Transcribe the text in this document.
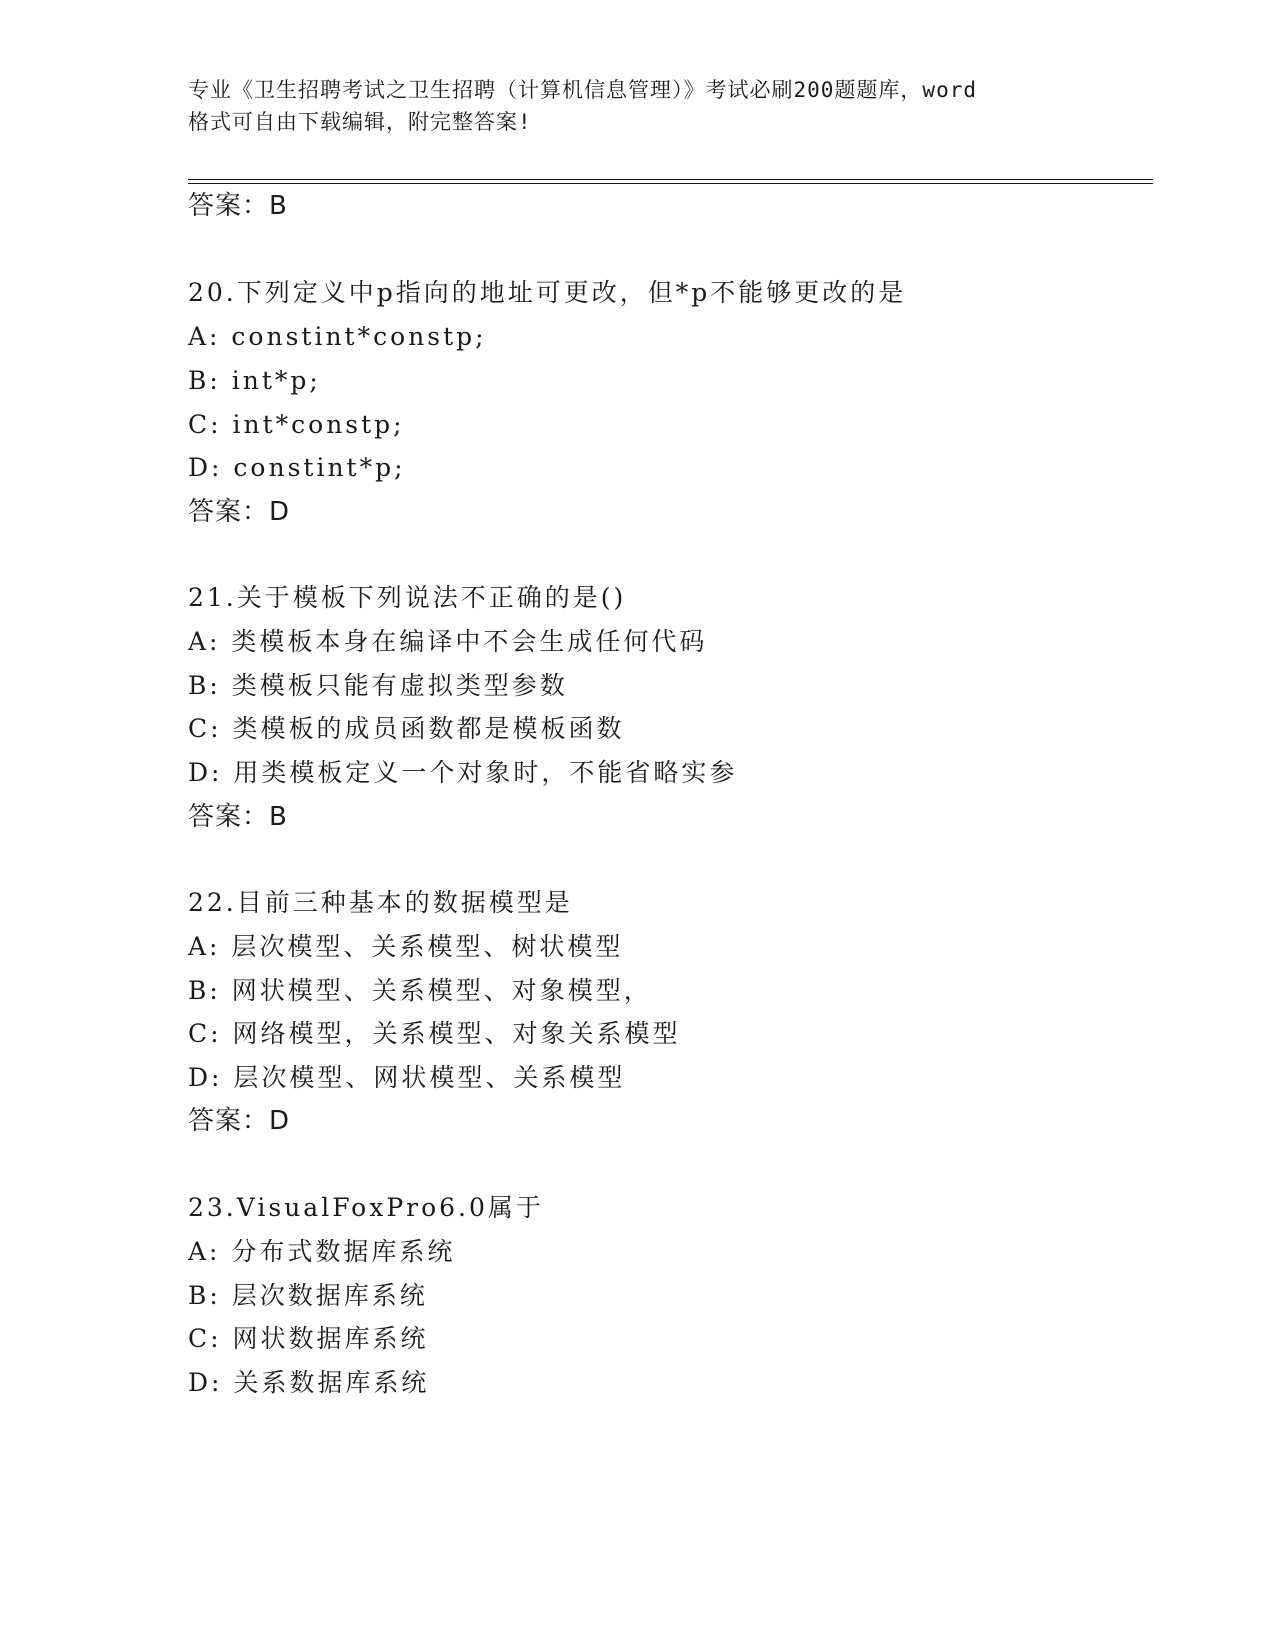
专业《卫生招聘考试之卫生招聘（计算机信息管理）》考试必刷200题题库，word
格式可自由下载编辑，附完整答案!
答案：B
20.下列定义中p指向的地址可更改，但*p不能够更改的是
A: constint*constp;
B: int*p;
C: int*constp;
D: constint*p;
答案：D
21.关于模板下列说法不正确的是()
A: 类模板本身在编译中不会生成任何代码
B: 类模板只能有虚拟类型参数
C: 类模板的成员函数都是模板函数
D: 用类模板定义一个对象时，不能省略实参
答案：B
22.目前三种基本的数据模型是
A: 层次模型、关系模型、树状模型
B: 网状模型、关系模型、对象模型，
C: 网络模型，关系模型、对象关系模型
D: 层次模型、网状模型、关系模型
答案：D
23.VisualFoxPro6.0属于
A: 分布式数据库系统
B: 层次数据库系统
C: 网状数据库系统
D: 关系数据库系统
